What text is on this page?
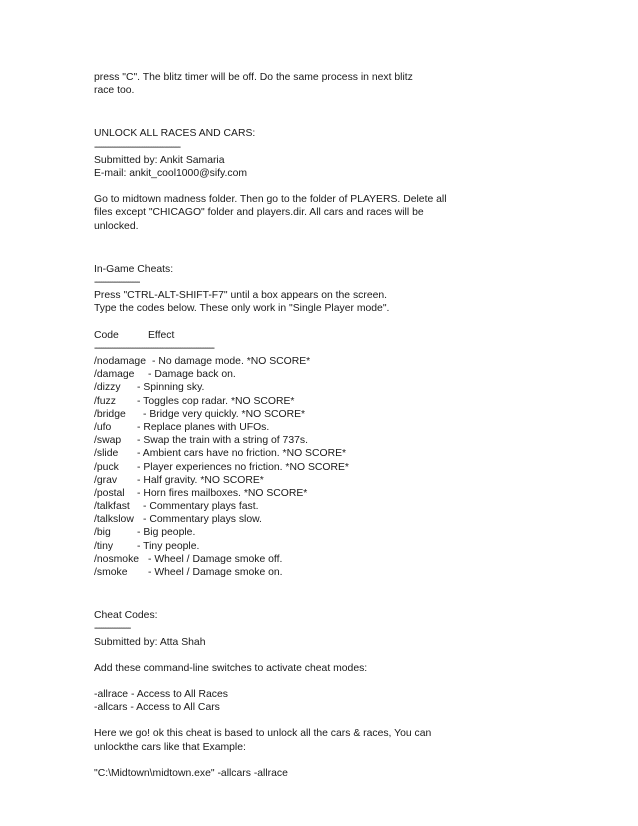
press "C". The blitz timer will be off. Do the same process in next blitz
race too.
UNLOCK ALL RACES AND CARS:
--------------------------------------
Submitted by: Ankit Samaria
E-mail: ankit_cool1000@sify.com
Go to midtown madness folder. Then go to the folder of PLAYERS. Delete all
files except "CHICAGO" folder and players.dir. All cars and races will be
unlocked.
In-Game Cheats:
--------------------
Press "CTRL-ALT-SHIFT-F7" until a box appears on the screen.
Type the codes below. These only work in "Single Player mode".
Code	Effect
-----------------------------------------------------
/nodamage - No damage mode. *NO SCORE*
/damage	- Damage back on.
/dizzy	- Spinning sky.
/fuzz	- Toggles cop radar. *NO SCORE*
/bridge	- Bridge very quickly. *NO SCORE*
/ufo	- Replace planes with UFOs.
/swap	- Swap the train with a string of 737s.
/slide	- Ambient cars have no friction. *NO SCORE*
/puck	- Player experiences no friction. *NO SCORE*
/grav	- Half gravity. *NO SCORE*
/postal	- Horn fires mailboxes. *NO SCORE*
/talkfast	- Commentary plays fast.
/talkslow - Commentary plays slow.
/big	- Big people.
/tiny	- Tiny people.
/nosmoke - Wheel / Damage smoke off.
/smoke	- Wheel / Damage smoke on.
Cheat Codes:
----------------
Submitted by: Atta Shah
Add these command-line switches to activate cheat modes:
-allrace - Access to All Races
-allcars - Access to All Cars
Here we go! ok this cheat is based to unlock all the cars & races, You can
unlockthe cars like that Example:
"C:\Midtown\midtown.exe" -allcars -allrace
